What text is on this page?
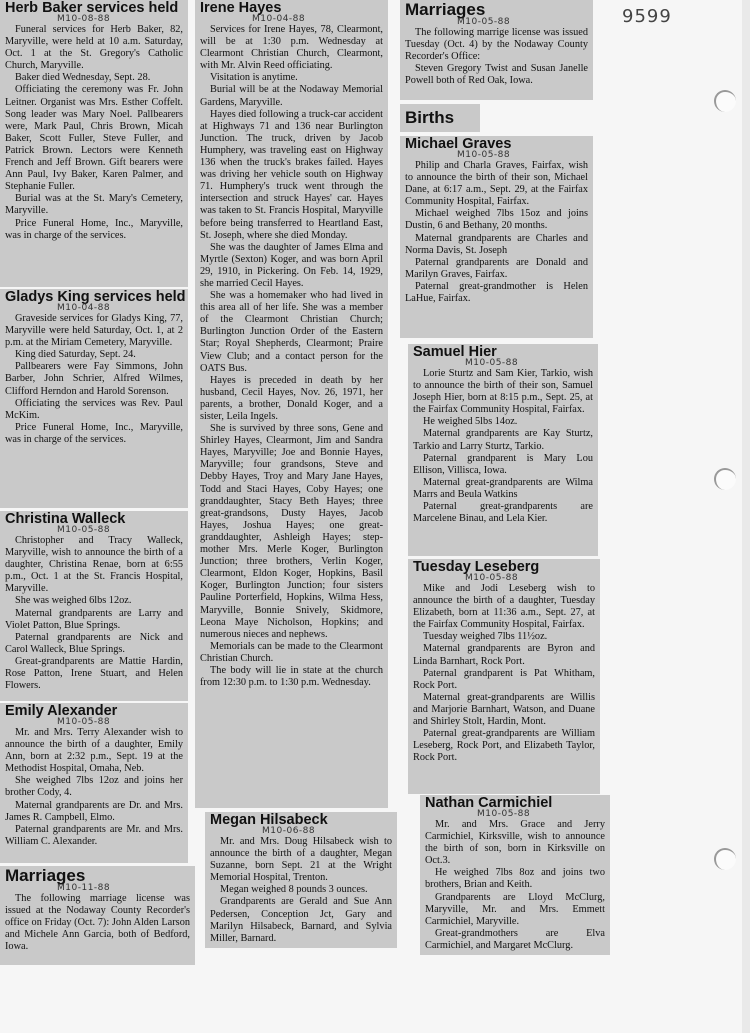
9599
Herb Baker services held
M10-08-88

Funeral services for Herb Baker, 82, Maryville, were held at 10 a.m. Saturday, Oct. 1 at the St. Gregory's Catholic Church, Maryville.

Baker died Wednesday, Sept. 28.

Officiating the ceremony was Fr. John Leitner. Organist was Mrs. Esther Coffelt. Song leader was Mary Noel. Pallbearers were, Mark Paul, Chris Brown, Micah Baker, Scott Fuller, Steve Fuller, and Patrick Brown. Lectors were Kenneth French and Jeff Brown. Gift bearers were Ann Paul, Ivy Baker, Karen Palmer, and Stephanie Fuller.

Burial was at the St. Mary's Cemetery, Maryville.

Price Funeral Home, Inc., Maryville, was in charge of the services.

Gladys King services held
M10-04-88

Graveside services for Gladys King, 77, Maryville were held Saturday, Oct. 1, at 2 p.m. at the Miriam Cemetery, Maryville.

King died Saturday, Sept. 24.

Pallbearers were Fay Simmons, John Barber, John Schrier, Alfred Wilmes, Clifford Herndon and Harold Sorenson.

Officiating the services was Rev. Paul McKim.

Price Funeral Home, Inc., Maryville, was in charge of the services.

Christina Walleck
M10-05-88

Christopher and Tracy Walleck, Maryville, wish to announce the birth of a daughter, Christina Renae, born at 6:55 p.m., Oct. 1 at the St. Francis Hospital, Maryville.

She was weighed 6lbs 12oz.

Maternal grandparents are Larry and Violet Patton, Blue Springs.

Paternal grandparents are Nick and Carol Walleck, Blue Springs.

Great-grandparents are Mattie Hardin, Rose Patton, Irene Stuart, and Helen Flowers.

Emily Alexander
M10-05-88

Mr. and Mrs. Terry Alexander wish to announce the birth of a daughter, Emily Ann, born at 2:32 p.m., Sept. 19 at the Methodist Hospital, Omaha, Neb.

She weighed 7lbs 12oz and joins her brother Cody, 4.

Maternal grandparents are Dr. and Mrs. James R. Campbell, Elmo.

Paternal grandparents are Mr. and Mrs. William C. Alexander.

Marriages
M10-11-88

The following marriage license was issued at the Nodaway County Recorder's office on Friday (Oct. 7): John Alden Larson and Michele Ann Garcia, both of Bedford, Iowa.

Irene Hayes
M10-04-88

Services for Irene Hayes, 78, Clearmont, will be at 1:30 p.m. Wednesday at Clearmont Christian Church, Clearmont, with Mr. Alvin Reed officiating.

Visitation is anytime.

Burial will be at the Nodaway Memorial Gardens, Maryville.

Hayes died following a truck-car accident at Highways 71 and 136 near Burlington Junction. The truck, driven by Jacob Humphery, was traveling east on Highway 136 when the truck's brakes failed. Hayes was driving her vehicle south on Highway 71. Humphery's truck went through the intersection and struck Hayes' car. Hayes was taken to St. Francis Hospital, Maryville before being transferred to Heartland East, St. Joseph, where she died Monday.

She was the daughter of James Elma and Myrtle (Sexton) Koger, and was born April 29, 1910, in Pickering. On Feb. 14, 1929, she married Cecil Hayes.

She was a homemaker who had lived in this area all of her life. She was a member of the Clearmont Christian Church; Burlington Junction Order of the Eastern Star; Royal Shepherds, Clearmont; Praire View Club; and a contact person for the OATS Bus.

Hayes is preceded in death by her husband, Cecil Hayes, Nov. 26, 1971, her parents, a brother, Donald Koger, and a sister, Leila Ingels.

She is survived by three sons, Gene and Shirley Hayes, Clearmont, Jim and Sandra Hayes, Maryville; Joe and Bonnie Hayes, Maryville; four grandsons, Steve and Debby Hayes, Troy and Mary Jane Hayes, Todd and Staci Hayes, Coby Hayes; one granddaughter, Stacy Beth Hayes; three great-grandsons, Dusty Hayes, Jacob Hayes, Joshua Hayes; one great-granddaughter, Ashleigh Hayes; step-mother Mrs. Merle Koger, Burlington Junction; three brothers, Verlin Koger, Clearmont, Eldon Koger, Hopkins, Basil Koger, Burlington Junction; four sisters Pauline Porterfield, Hopkins, Wilma Hess, Maryville, Bonnie Snively, Skidmore, Leona Maye Nicholson, Hopkins; and numerous nieces and nephews.

Memorials can be made to the Clearmont Christian Church.

The body will lie in state at the church from 12:30 p.m. to 1:30 p.m. Wednesday.

Megan Hilsabeck
M10-06-88

Mr. and Mrs. Doug Hilsabeck wish to announce the birth of a daughter, Megan Suzanne, born Sept. 21 at the Wright Memorial Hospital, Trenton.

Megan weighed 8 pounds 3 ounces.

Grandparents are Gerald and Sue Ann Pedersen, Conception Jct, Gary and Marilyn Hilsabeck, Barnard, and Sylvia Miller, Barnard.

Marriages
M10-05-88

The following marrige license was issued Tuesday (Oct. 4) by the Nodaway County Recorder's Office:

Steven Gregory Twist and Susan Janelle Powell both of Red Oak, Iowa.

Births
Michael Graves
M10-05-88

Philip and Charla Graves, Fairfax, wish to announce the birth of their son, Michael Dane, at 6:17 a.m., Sept. 29, at the Fairfax Community Hospital, Fairfax.

Michael weighed 7lbs 15oz and joins Dustin, 6 and Bethany, 20 months.

Maternal grandparents are Charles and Norma Davis, St. Joseph

Paternal grandparents are Donald and Marilyn Graves, Fairfax.

Paternal great-grandmother is Helen LaHue, Fairfax.

Samuel Hier
M10-05-88

Lorie Sturtz and Sam Kier, Tarkio, wish to announce the birth of their son, Samuel Joseph Hier, born at 8:15 p.m., Sept. 25, at the Fairfax Community Hospital, Fairfax.

He weighed 5lbs 14oz.

Maternal grandparents are Kay Sturtz, Tarkio and Larry Sturtz, Tarkio.

Paternal grandparent is Mary Lou Ellison, Villisca, Iowa.

Maternal great-grandparents are Wilma Marrs and Beula Watkins

Paternal great-grandparents are Marcelene Binau, and Lela Kier.

Tuesday Leseberg
M10-05-88

Mike and Jodi Leseberg wish to announce the birth of a daughter, Tuesday Elizabeth, born at 11:36 a.m., Sept. 27, at the Fairfax Community Hospital, Fairfax.

Tuesday weighed 7lbs 11½oz.

Maternal grandparents are Byron and Linda Barnhart, Rock Port.

Paternal grandparent is Pat Whitham, Rock Port.

Maternal great-grandparents are Willis and Marjorie Barnhart, Watson, and Duane and Shirley Stolt, Hardin, Mont.

Paternal great-grandparents are William Leseberg, Rock Port, and Elizabeth Taylor, Rock Port.

Nathan Carmichiel
M10-05-88

Mr. and Mrs. Grace and Jerry Carmichiel, Kirksville, wish to announce the birth of son, born in Kirksville on Oct.3.

He weighed 7lbs 8oz and joins two brothers, Brian and Keith.

Grandparents are Lloyd McClurg, Maryville, Mr. and Mrs. Emmett Carmichiel, Maryville.

Great-grandmothers are Elva Carmichiel, and Margaret McClurg.
